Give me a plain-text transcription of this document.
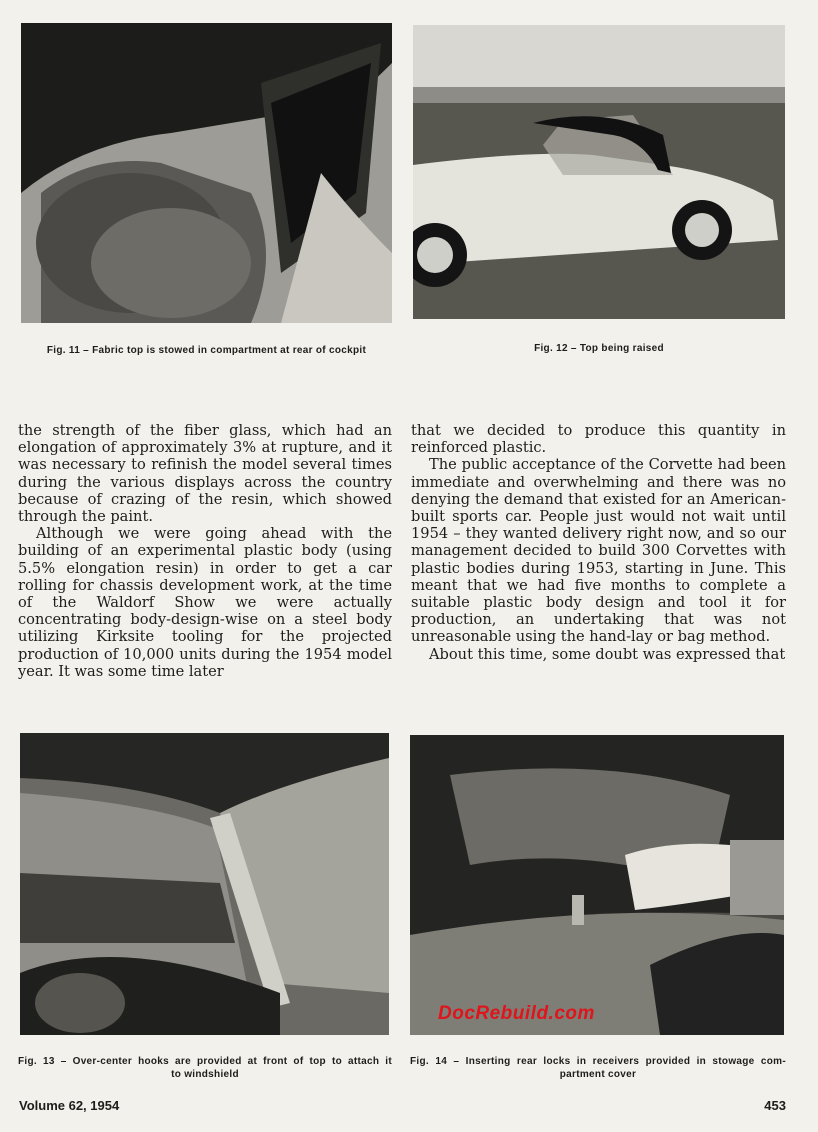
Fig. 11 – Fabric top is stowed in compartment at rear of cockpit	Fig. 12 – Top being raised

the strength of the fiber glass, which had an elongation of approximately 3% at rupture, and it was necessary to refinish the model several times during the various displays across the country because of crazing of the resin, which showed through the paint.

Although we were going ahead with the building of an experimental plastic body (using 5.5% elongation resin) in order to get a car rolling for chassis development work, at the time of the Waldorf Show we were actually concentrating body-design-wise on a steel body utilizing Kirksite tooling for the projected production of 10,000 units during the 1954 model year. It was some time later

that we decided to produce this quantity in reinforced plastic.

The public acceptance of the Corvette had been immediate and overwhelming and there was no denying the demand that existed for an American-built sports car. People just would not wait until 1954 – they wanted delivery right now, and so our management decided to build 300 Corvettes with plastic bodies during 1953, starting in June. This meant that we had five months to complete a suitable plastic body design and tool it for production, an undertaking that was not unreasonable using the hand-lay or bag method.

About this time, some doubt was expressed that

Fig. 13 – Over-center hooks are provided at front of top to attach it
to windshield
Fig. 14 – Inserting rear locks in receivers provided in stowage com-
partment cover
DocRebuild.com
Volume 62, 1954	453
